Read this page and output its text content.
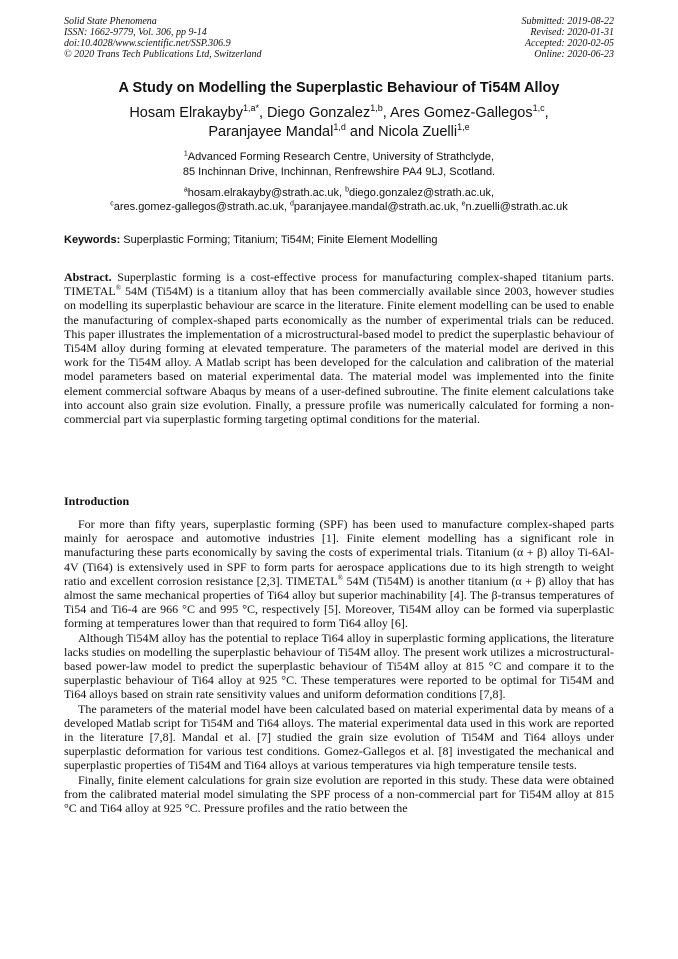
Solid State Phenomena
ISSN: 1662-9779, Vol. 306, pp 9-14
doi:10.4028/www.scientific.net/SSP.306.9
© 2020 Trans Tech Publications Ltd, Switzerland
Submitted: 2019-08-22
Revised: 2020-01-31
Accepted: 2020-02-05
Online: 2020-06-23
A Study on Modelling the Superplastic Behaviour of Ti54M Alloy
Hosam Elrakayby$^{1,a*}$, Diego Gonzalez$^{1,b}$, Ares Gomez-Gallegos$^{1,c}$,
Paranjayee Mandal$^{1,d}$ and Nicola Zuelli$^{1,e}$
$^1$Advanced Forming Research Centre, University of Strathclyde,
85 Inchinnan Drive, Inchinnan, Renfrewshire PA4 9LJ, Scotland.
$^a$hosam.elrakayby@strath.ac.uk, $^b$diego.gonzalez@strath.ac.uk,
$^c$ares.gomez-gallegos@strath.ac.uk, $^d$paranjayee.mandal@strath.ac.uk, $^e$n.zuelli@strath.ac.uk
Keywords: Superplastic Forming; Titanium; Ti54M; Finite Element Modelling
Abstract. Superplastic forming is a cost-effective process for manufacturing complex-shaped titanium parts. TIMETAL® 54M (Ti54M) is a titanium alloy that has been commercially available since 2003, however studies on modelling its superplastic behaviour are scarce in the literature. Finite element modelling can be used to enable the manufacturing of complex-shaped parts economically as the number of experimental trials can be reduced. This paper illustrates the implementation of a microstructural-based model to predict the superplastic behaviour of Ti54M alloy during forming at elevated temperature. The parameters of the material model are derived in this work for the Ti54M alloy. A Matlab script has been developed for the calculation and calibration of the material model parameters based on material experimental data. The material model was implemented into the finite element commercial software Abaqus by means of a user-defined subroutine. The finite element calculations take into account also grain size evolution. Finally, a pressure profile was numerically calculated for forming a non-commercial part via superplastic forming targeting optimal conditions for the material.
Introduction

For more than fifty years, superplastic forming (SPF) has been used to manufacture complex-shaped parts mainly for aerospace and automotive industries [1]. Finite element modelling has a significant role in manufacturing these parts economically by saving the costs of experimental trials. Titanium (α + β) alloy Ti-6Al-4V (Ti64) is extensively used in SPF to form parts for aerospace applications due to its high strength to weight ratio and excellent corrosion resistance [2,3]. TIMETAL® 54M (Ti54M) is another titanium (α + β) alloy that has almost the same mechanical properties of Ti64 alloy but superior machinability [4]. The β-transus temperatures of Ti54 and Ti6-4 are 966 °C and 995 °C, respectively [5]. Moreover, Ti54M alloy can be formed via superplastic forming at temperatures lower than that required to form Ti64 alloy [6].

Although Ti54M alloy has the potential to replace Ti64 alloy in superplastic forming applications, the literature lacks studies on modelling the superplastic behaviour of Ti54M alloy. The present work utilizes a microstructural-based power-law model to predict the superplastic behaviour of Ti54M alloy at 815 °C and compare it to the superplastic behaviour of Ti64 alloy at 925 °C. These temperatures were reported to be optimal for Ti54M and Ti64 alloys based on strain rate sensitivity values and uniform deformation conditions [7,8].

The parameters of the material model have been calculated based on material experimental data by means of a developed Matlab script for Ti54M and Ti64 alloys. The material experimental data used in this work are reported in the literature [7,8]. Mandal et al. [7] studied the grain size evolution of Ti54M and Ti64 alloys under superplastic deformation for various test conditions. Gomez-Gallegos et al. [8] investigated the mechanical and superplastic properties of Ti54M and Ti64 alloys at various temperatures via high temperature tensile tests.

Finally, finite element calculations for grain size evolution are reported in this study. These data were obtained from the calibrated material model simulating the SPF process of a non-commercial part for Ti54M alloy at 815 °C and Ti64 alloy at 925 °C. Pressure profiles and the ratio between the
